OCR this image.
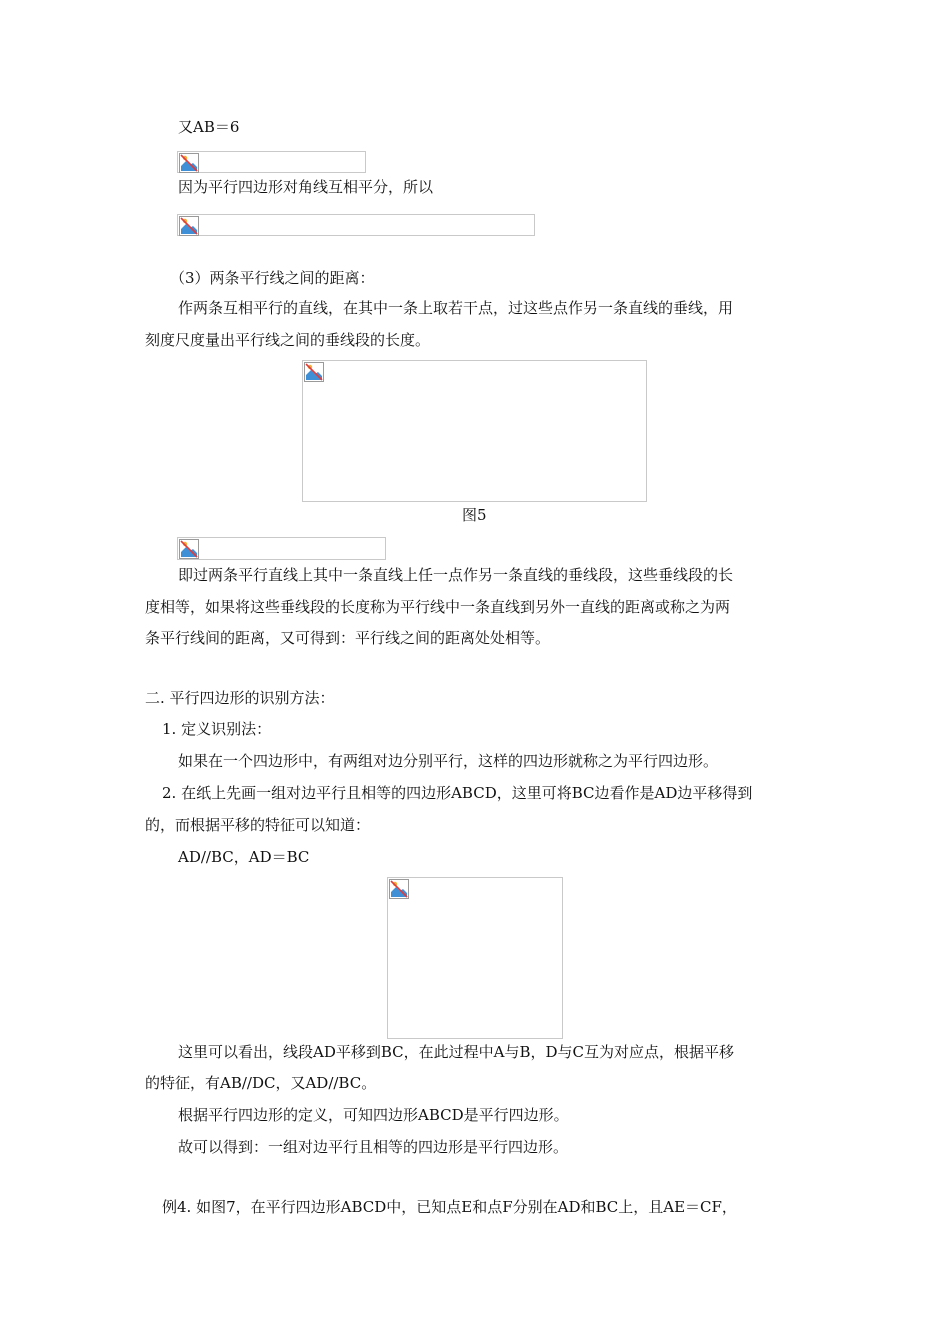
又AB＝6
因为平行四边形对角线互相平分，所以
（3）两条平行线之间的距离：
作两条互相平行的直线，在其中一条上取若干点，过这些点作另一条直线的垂线，用
刻度尺度量出平行线之间的垂线段的长度。
图5
即过两条平行直线上其中一条直线上任一点作另一条直线的垂线段，这些垂线段的长
度相等，如果将这些垂线段的长度称为平行线中一条直线到另外一直线的距离或称之为两
条平行线间的距离，又可得到：平行线之间的距离处处相等。
二. 平行四边形的识别方法：
1. 定义识别法：
如果在一个四边形中，有两组对边分别平行，这样的四边形就称之为平行四边形。
2. 在纸上先画一组对边平行且相等的四边形ABCD，这里可将BC边看作是AD边平移得到
的，而根据平移的特征可以知道：
AD//BC，AD＝BC
这里可以看出，线段AD平移到BC，在此过程中A与B，D与C互为对应点，根据平移
的特征，有AB//DC，又AD//BC。
根据平行四边形的定义，可知四边形ABCD是平行四边形。
故可以得到：一组对边平行且相等的四边形是平行四边形。
例4. 如图7，在平行四边形ABCD中，已知点E和点F分别在AD和BC上，且AE＝CF，
